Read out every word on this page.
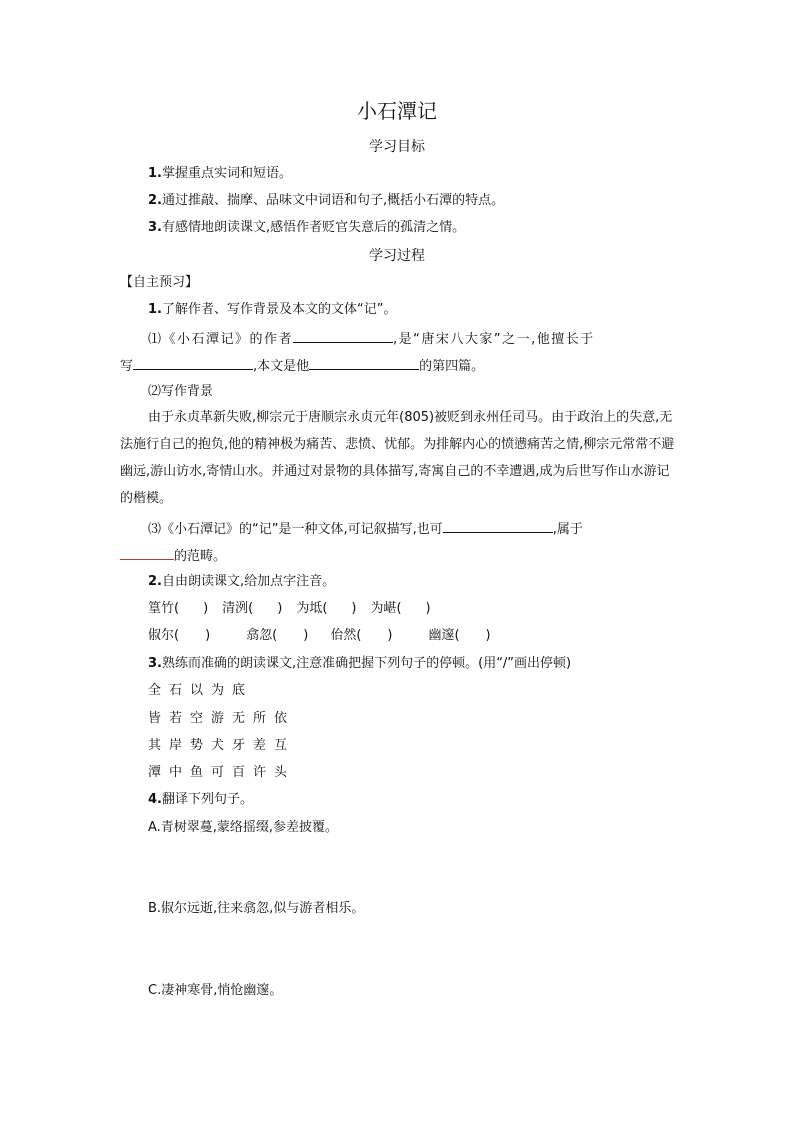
小石潭记
学习目标
1.掌握重点实词和短语。
2.通过推敲、揣摩、品味文中词语和句子,概括小石潭的特点。
3.有感情地朗读课文,感悟作者贬官失意后的孤清之情。
学习过程
【自主预习】
1.了解作者、写作背景及本文的文体“记”。
⑴《小石潭记》的作者	,是“唐宋八大家”之一,他擅长于
写	,本文是他	的第四篇。
⑵写作背景
由于永贞革新失败,柳宗元于唐顺宗永贞元年(805)被贬到永州任司马。由于政治上的失意,无法施行自己的抱负,他的精神极为痛苦、悲愤、忧郁。为排解内心的愤懑痛苦之情,柳宗元常常不避幽远,游山访水,寄情山水。并通过对景物的具体描写,寄寓自己的不幸遭遇,成为后世写作山水游记的楷模。
⑶《小石潭记》的“记”是一种文体,可记叙描写,也可	,属于
的范畴。
2.自由朗读课文,给加点字注音。
篁竹( ) 清洌( ) 为坻( ) 为嵁( )
俶尔( )	翕忽( ) 佁然( )	幽邃( )
3.熟练而准确的朗读课文,注意准确把握下列句子的停顿。(用“/”画出停顿)
全石以为底
皆若空游无所依
其岸势犬牙差互
潭中鱼可百许头
4.翻译下列句子。
A.青树翠蔓,蒙络摇缀,参差披覆。
B.俶尔远逝,往来翕忽,似与游者相乐。
C.凄神寒骨,悄怆幽邃。
